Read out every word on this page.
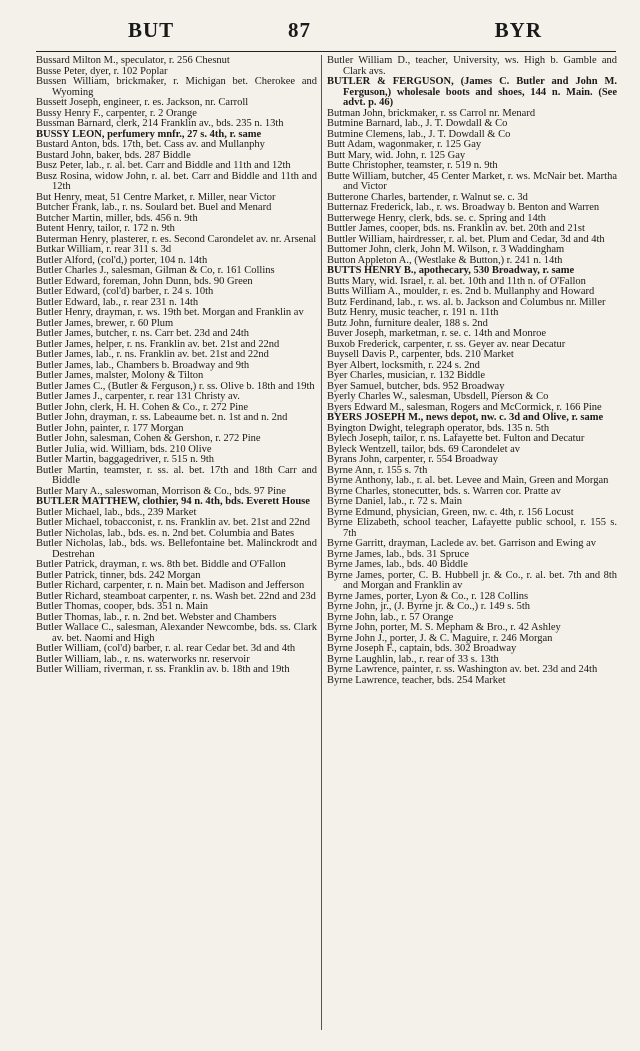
BUT	87	BYR
Bussard Milton M., speculator, r. 256 Chesnut
Busse Peter, dyer, r. 102 Poplar
Bussen William, brickmaker, r. Michigan bet. Cherokee and Wyoming
Bussett Joseph, engineer, r. es. Jackson, nr. Carroll
Bussy Henry F., carpenter, r. 2 Orange
Bussman Barnard, clerk, 214 Franklin av., bds. 235 n. 13th
BUSSY LEON, perfumery mnfr., 27 s. 4th, r. same
Bustard Anton, bds. 17th, bet. Cass av. and Mullanphy
Bustard John, baker, bds. 287 Biddle
Busz Peter, lab., r. al. bet. Carr and Biddle and 11th and 12th
Busz Rosina, widow John, r. al. bet. Carr and Biddle and 11th and 12th
But Henry, meat, 51 Centre Market, r. Miller, near Victor
Butcher Frank, lab., r. ns. Soulard bet. Buel and Menard
Butcher Martin, miller, bds. 456 n. 9th
Butent Henry, tailor, r. 172 n. 9th
Buterman Henry, plasterer, r. es. Second Carondelet av. nr. Arsenal
Butkar William, r. rear 311 s. 3d
Butler Alford, (col'd,) porter, 104 n. 14th
Butler Charles J., salesman, Gilman & Co, r. 161 Collins
Butler Edward, foreman, John Dunn, bds. 90 Green
Butler Edward, (col'd) barber, r. 24 s. 10th
Butler Edward, lab., r. rear 231 n. 14th
Butler Henry, drayman, r. ws. 19th bet. Morgan and Franklin av
Butler James, brewer, r. 60 Plum
Butler James, butcher, r. ns. Carr bet. 23d and 24th
Butler James, helper, r. ns. Franklin av. bet. 21st and 22nd
Butler James, lab., r. ns. Franklin av. bet. 21st and 22nd
Butler James, lab., Chambers b. Broadway and 9th
Butler James, malster, Molony & Tilton
Butler James C., (Butler & Ferguson,) r. ss. Olive b. 18th and 19th
Butler James J., carpenter, r. rear 131 Christy av.
Butler John, clerk, H. H. Cohen & Co., r. 272 Pine
Butler John, drayman, r. ss. Labeaume bet. n. 1st and n. 2nd
Butler John, painter, r. 177 Morgan
Butler John, salesman, Cohen & Gershon, r. 272 Pine
Butler Julia, wid. William, bds. 210 Olive
Butler Martin, baggagedriver, r. 515 n. 9th
Butler Martin, teamster, r. ss. al. bet. 17th and 18th Carr and Biddle
Butler Mary A., saleswoman, Morrison & Co., bds. 97 Pine
BUTLER MATTHEW, clothier, 94 n. 4th, bds. Everett House
Butler Michael, lab., bds., 239 Market
Butler Michael, tobacconist, r. ns. Franklin av. bet. 21st and 22nd
Butler Nicholas, lab., bds. es. n. 2nd bet. Columbia and Bates
Butler Nicholas, lab., bds. ws. Bellefontaine bet. Malinckrodt and Destrehan
Butler Patrick, drayman, r. ws. 8th bet. Biddle and O'Fallon
Butler Patrick, tinner, bds. 242 Morgan
Butler Richard, carpenter, r. n. Main bet. Madison and Jefferson
Butler Richard, steamboat carpenter, r. ns. Wash bet. 22nd and 23d
Butler Thomas, cooper, bds. 351 n. Main
Butler Thomas, lab., r. n. 2nd bet. Webster and Chambers
Butler Wallace C., salesman, Alexander Newcombe, bds. ss. Clark av. bet. Naomi and High
Butler William, (col'd) barber, r. al. rear Cedar bet. 3d and 4th
Butler William, lab., r. ns. waterworks nr. reservoir
Butler William, riverman, r. ss. Franklin av. b. 18th and 19th
Butler William D., teacher, University, ws. High b. Gamble and Clark avs.
BUTLER & FERGUSON, (James C. Butler and John M. Ferguson,) wholesale boots and shoes, 144 n. Main. (See advt. p. 46)
Butman John, brickmaker, r. ss Carrol nr. Menard
Butmine Barnard, lab., J. T. Dowdall & Co
Butmine Clemens, lab., J. T. Dowdall & Co
Butt Adam, wagonmaker, r. 125 Gay
Butt Mary, wid. John, r. 125 Gay
Butte Christopher, teamster, r. 519 n. 9th
Butte William, butcher, 45 Center Market, r. ws. McNair bet. Martha and Victor
Butterone Charles, bartender, r. Walnut se. c. 3d
Butternaz Frederick, lab., r. ws. Broadway b. Benton and Warren
Butterwege Henry, clerk, bds. se. c. Spring and 14th
Buttler James, cooper, bds. ns. Franklin av. bet. 20th and 21st
Buttler William, hairdresser, r. al. bet. Plum and Cedar, 3d and 4th
Buttomer John, clerk, John M. Wilson, r. 3 Waddingham
Button Appleton A., (Westlake & Button,) r. 241 n. 14th
BUTTS HENRY B., apothecary, 530 Broadway, r. same
Butts Mary, wid. Israel, r. al. bet. 10th and 11th n. of O'Fallon
Butts William A., moulder, r. es. 2nd b. Mullanphy and Howard
Butz Ferdinand, lab., r. ws. al. b. Jackson and Columbus nr. Miller
Butz Henry, music teacher, r. 191 n. 11th
Butz John, furniture dealer, 188 s. 2nd
Buver Joseph, marketman, r. se. c. 14th and Monroe
Buxob Frederick, carpenter, r. ss. Geyer av. near Decatur
Buysell Davis P., carpenter, bds. 210 Market
Byer Albert, locksmith, r. 224 s. 2nd
Byer Charles, musician, r. 132 Biddle
Byer Samuel, butcher, bds. 952 Broadway
Byerly Charles W., salesman, Ubsdell, Pierson & Co
Byers Edward M., salesman, Rogers and McCormick, r. 166 Pine
BYERS JOSEPH M., news depot, nw. c. 3d and Olive, r. same
Byington Dwight, telegraph operator, bds. 135 n. 5th
Bylech Joseph, tailor, r. ns. Lafayette bet. Fulton and Decatur
Byleck Wentzell, tailor, bds. 69 Carondelet av
Byrans John, carpenter, r. 554 Broadway
Byrne Ann, r. 155 s. 7th
Byrne Anthony, lab., r. al. bet. Levee and Main, Green and Morgan
Byrne Charles, stonecutter, bds. s. Warren cor. Pratte av
Byrne Daniel, lab., r. 72 s. Main
Byrne Edmund, physician, Green, nw. c. 4th, r. 156 Locust
Byrne Elizabeth, school teacher, Lafayette public school, r. 155 s. 7th
Byrne Garritt, drayman, Laclede av. bet. Garrison and Ewing av
Byrne James, lab., bds. 31 Spruce
Byrne James, lab., bds. 40 Biddle
Byrne James, porter, C. B. Hubbell jr. & Co., r. al. bet. 7th and 8th and Morgan and Franklin av
Byrne James, porter, Lyon & Co., r. 128 Collins
Byrne John, jr., (J. Byrne jr. & Co.,) r. 149 s. 5th
Byrne John, lab., r. 57 Orange
Byrne John, porter, M. S. Mepham & Bro., r. 42 Ashley
Byrne John J., porter, J. & C. Maguire, r. 246 Morgan
Byrne Joseph F., captain, bds. 302 Broadway
Byrne Laughlin, lab., r. rear of 33 s. 13th
Byrne Lawrence, painter, r. ss. Washington av. bet. 23d and 24th
Byrne Lawrence, teacher, bds. 254 Market
